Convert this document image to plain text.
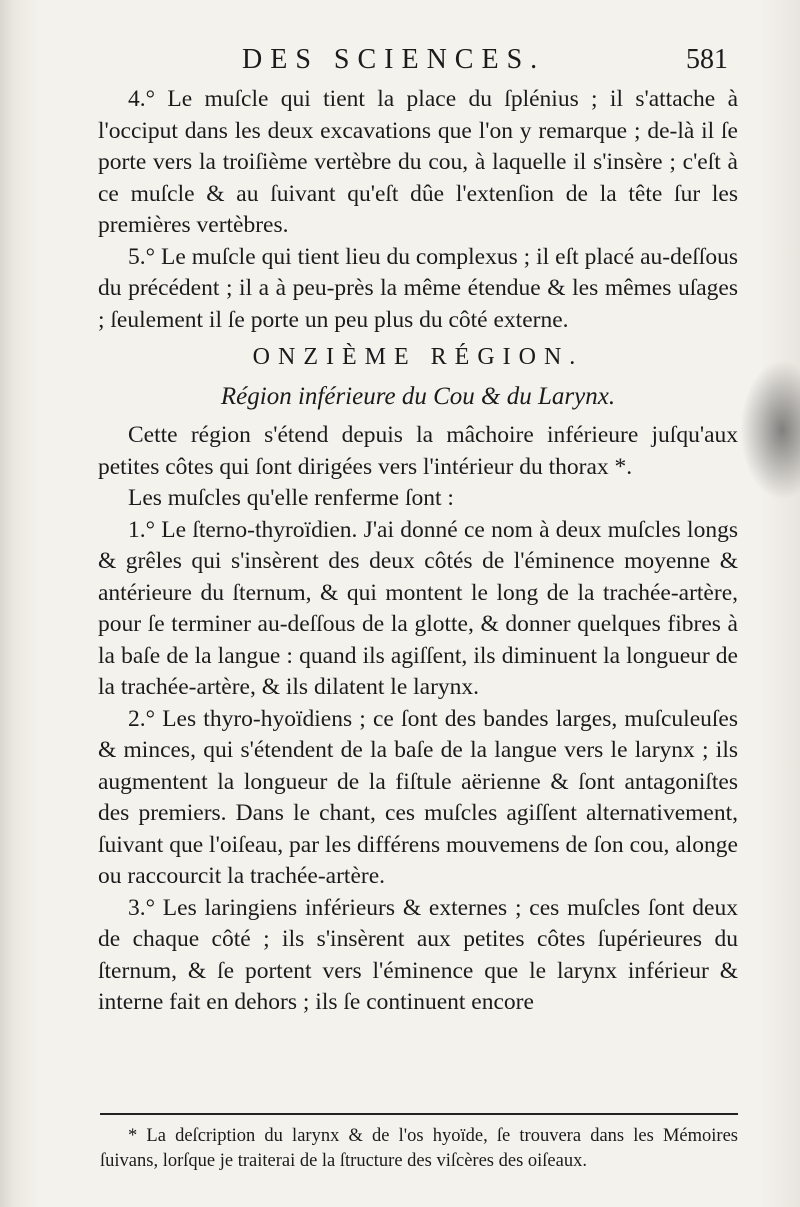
DES SCIENCES.	581

4.° Le muſcle qui tient la place du ſplénius ; il s'attache à l'occiput dans les deux excavations que l'on y remarque ; de-là il ſe porte vers la troiſième vertèbre du cou, à laquelle il s'insère ; c'eſt à ce muſcle & au ſuivant qu'eſt dûe l'extenſion de la tête ſur les premières vertèbres.

5.° Le muſcle qui tient lieu du complexus ; il eſt placé au-deſſous du précédent ; il a à peu-près la même étendue & les mêmes uſages ; ſeulement il ſe porte un peu plus du côté externe.

ONZIÈME RÉGION.
Région inférieure du Cou & du Larynx.

Cette région s'étend depuis la mâchoire inférieure juſqu'aux petites côtes qui ſont dirigées vers l'intérieur du thorax *.

Les muſcles qu'elle renferme ſont :

1.° Le ſterno-thyroïdien. J'ai donné ce nom à deux muſcles longs & grêles qui s'insèrent des deux côtés de l'éminence moyenne & antérieure du ſternum, & qui montent le long de la trachée-artère, pour ſe terminer au-deſſous de la glotte, & donner quelques fibres à la baſe de la langue : quand ils agiſſent, ils diminuent la longueur de la trachée-artère, & ils dilatent le larynx.

2.° Les thyro-hyoïdiens ; ce ſont des bandes larges, muſculeuſes & minces, qui s'étendent de la baſe de la langue vers le larynx ; ils augmentent la longueur de la fiſtule aërienne & ſont antagoniſtes des premiers. Dans le chant, ces muſcles agiſſent alternativement, ſuivant que l'oiſeau, par les différens mouvemens de ſon cou, alonge ou raccourcit la trachée-artère.

3.° Les laringiens inférieurs & externes ; ces muſcles ſont deux de chaque côté ; ils s'insèrent aux petites côtes ſupérieures du ſternum, & ſe portent vers l'éminence que le larynx inférieur & interne fait en dehors ; ils ſe continuent encore

* La deſcription du larynx & de l'os hyoïde, ſe trouvera dans les Mémoires ſuivans, lorſque je traiterai de la ſtructure des viſcères des oiſeaux.
